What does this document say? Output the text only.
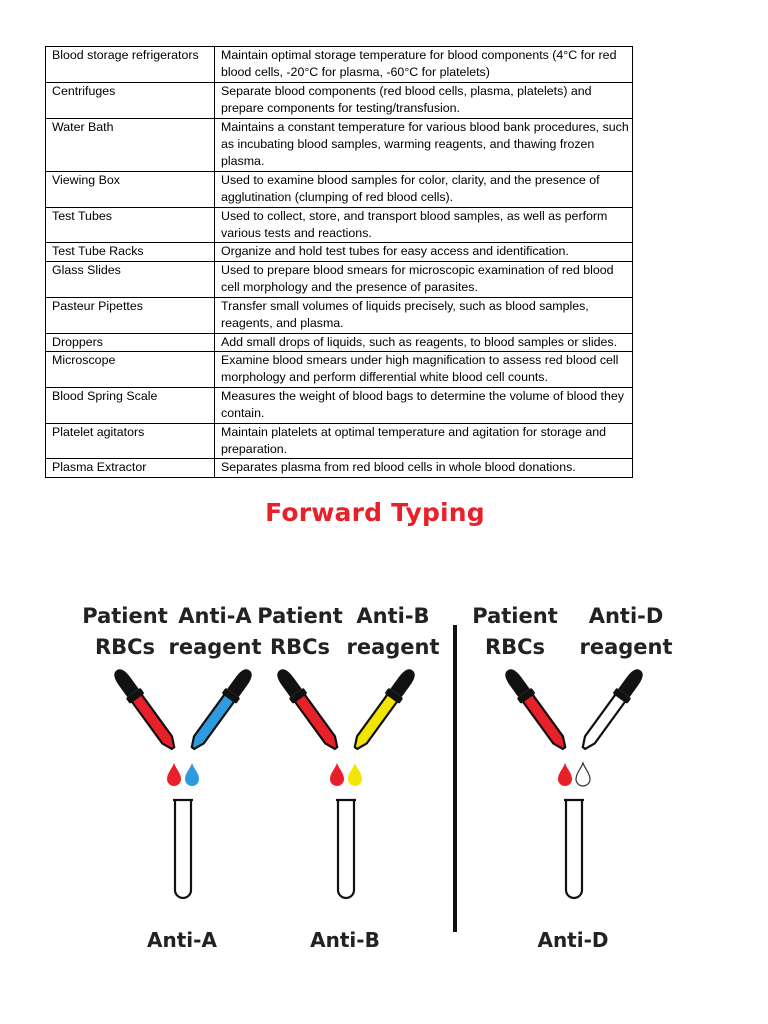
Blood storage refrigerators	Maintain optimal storage temperature for blood components (4°C for red blood cells, -20°C for plasma, -60°C for platelets)
Centrifuges	Separate blood components (red blood cells, plasma, platelets) and prepare components for testing/transfusion.
Water Bath	Maintains a constant temperature for various blood bank procedures, such as incubating blood samples, warming reagents, and thawing frozen plasma.
Viewing Box	Used to examine blood samples for color, clarity, and the presence of agglutination (clumping of red blood cells).
Test Tubes	Used to collect, store, and transport blood samples, as well as perform various tests and reactions.
Test Tube Racks	Organize and hold test tubes for easy access and identification.
Glass Slides	Used to prepare blood smears for microscopic examination of red blood cell morphology and the presence of parasites.
Pasteur Pipettes	Transfer small volumes of liquids precisely, such as blood samples, reagents, and plasma.
Droppers	Add small drops of liquids, such as reagents, to blood samples or slides.
Microscope	Examine blood smears under high magnification to assess red blood cell morphology and perform differential white blood cell counts.
Blood Spring Scale	Measures the weight of blood bags to determine the volume of blood they contain.
Platelet agitators	Maintain platelets at optimal temperature and agitation for storage and preparation.
Plasma Extractor	Separates plasma from red blood cells in whole blood donations.
Forward Typing
Patient
RBCs
Anti-A
reagent
Anti-A
Patient
RBCs
Anti-B
reagent
Anti-B
Patient
RBCs
Anti-D
reagent
Anti-D
